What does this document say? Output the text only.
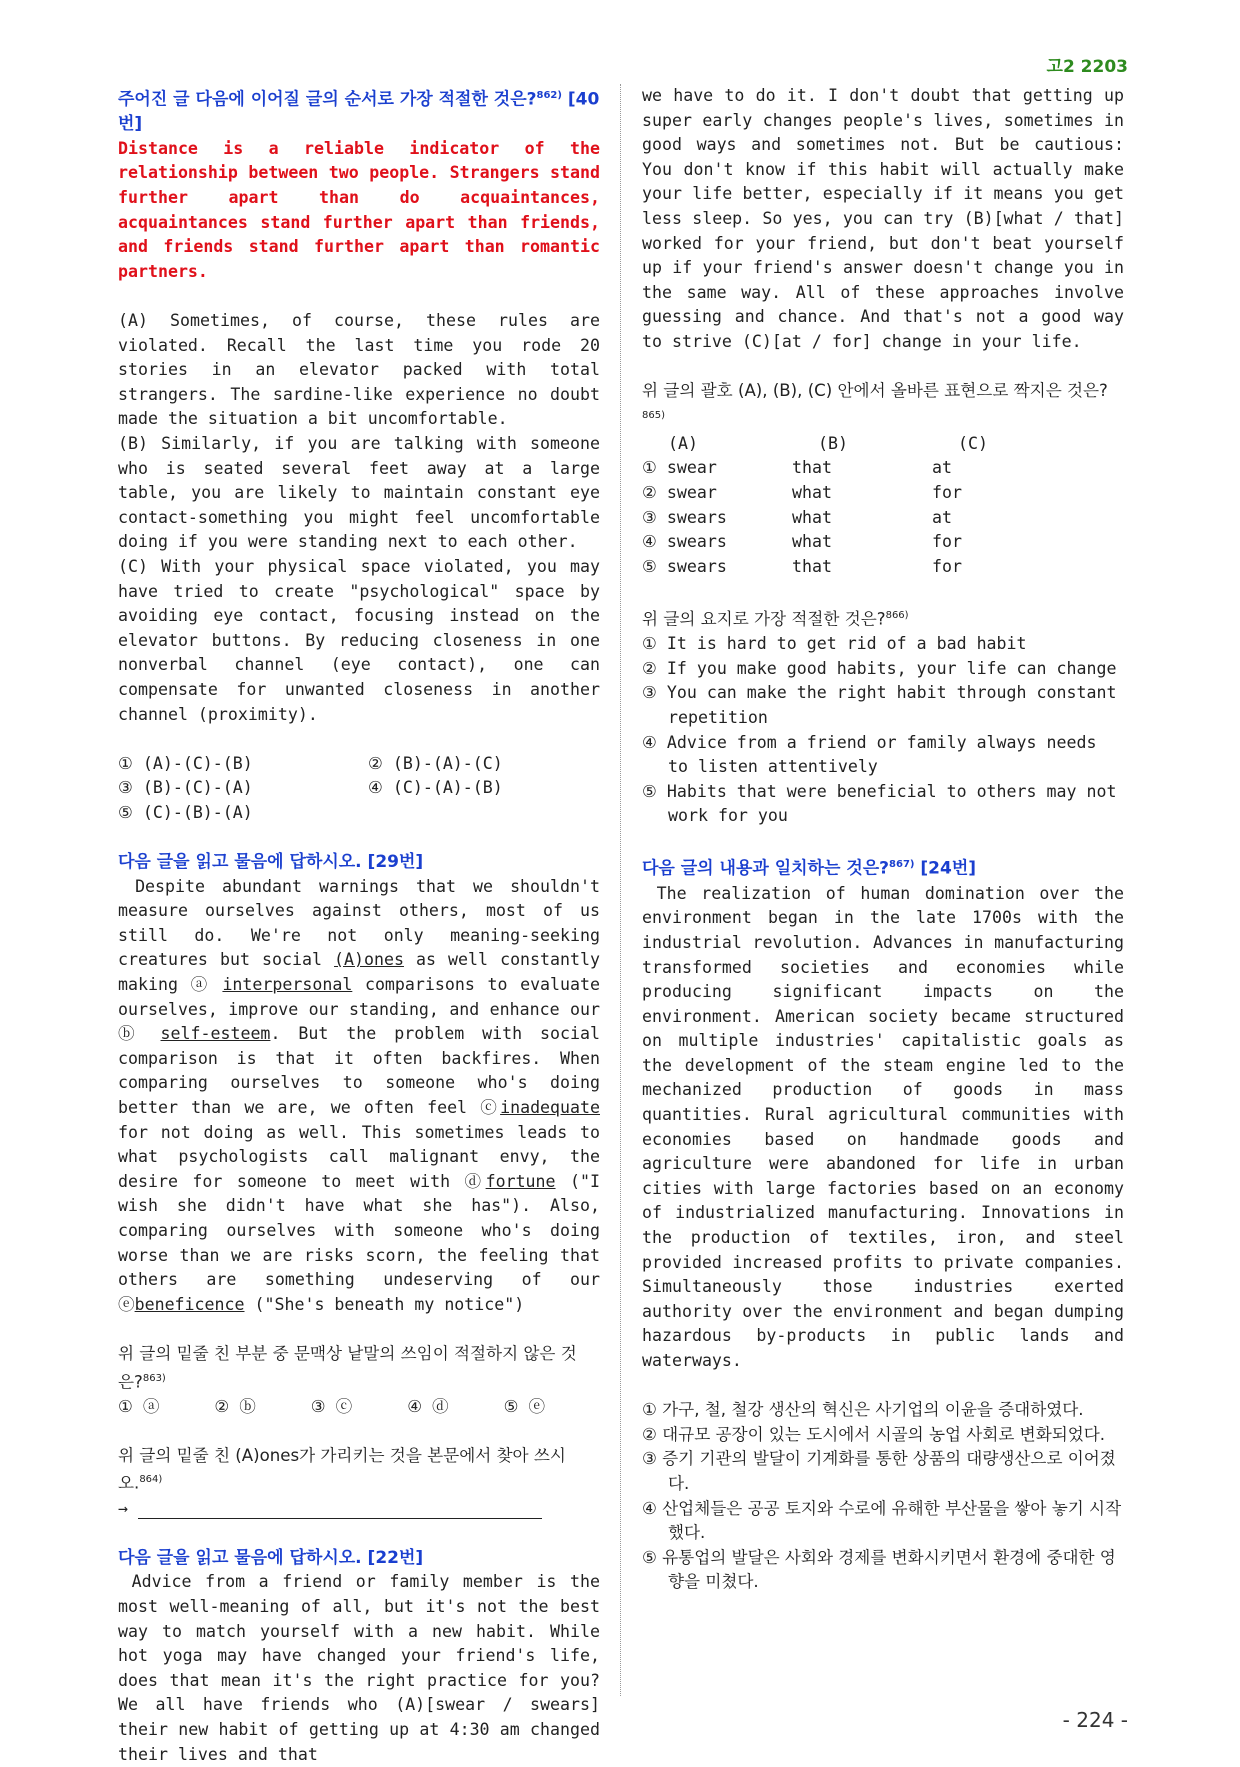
고2 2203

주어진 글 다음에 이어질 글의 순서로 가장 적절한 것은?$^{862)}$ [40번]

Distance is a reliable indicator of the relationship between two people. Strangers stand further apart than do acquaintances, acquaintances stand further apart than friends, and friends stand further apart than romantic partners.

(A) Sometimes, of course, these rules are violated. Recall the last time you rode 20 stories in an elevator packed with total strangers. The sardine-like experience no doubt made the situation a bit uncomfortable.

(B) Similarly, if you are talking with someone who is seated several feet away at a large table, you are likely to maintain constant eye contact-something you might feel uncomfortable doing if you were standing next to each other.

(C) With your physical space violated, you may have tried to create "psychological" space by avoiding eye contact, focusing instead on the elevator buttons. By reducing closeness in one nonverbal channel (eye contact), one can compensate for unwanted closeness in another channel (proximity).

① (A)-(C)-(B)	② (B)-(A)-(C)
③ (B)-(C)-(A)	④ (C)-(A)-(B)
⑤ (C)-(B)-(A)

다음 글을 읽고 물음에 답하시오. [29번]

Despite abundant warnings that we shouldn't measure ourselves against others, most of us still do. We're not only meaning-seeking creatures but social (A)ones as well constantly making ⓐ interpersonal comparisons to evaluate ourselves, improve our standing, and enhance our ⓑ self-esteem. But the problem with social comparison is that it often backfires. When comparing ourselves to someone who's doing better than we are, we often feel ⓒinadequate for not doing as well. This sometimes leads to what psychologists call malignant envy, the desire for someone to meet with ⓓfortune ("I wish she didn't have what she has"). Also, comparing ourselves with someone who's doing worse than we are risks scorn, the feeling that others are something undeserving of our ⓔbeneficence ("She's beneath my notice")

위 글의 밑줄 친 부분 중 문맥상 낱말의 쓰임이 적절하지 않은 것은?$^{863)}$

① ⓐ	② ⓑ	③ ⓒ	④ ⓓ	⑤ ⓔ

위 글의 밑줄 친 (A)ones가 가리키는 것을 본문에서 찾아 쓰시오.$^{864)}$

→

다음 글을 읽고 물음에 답하시오. [22번]

Advice from a friend or family member is the most well-meaning of all, but it's not the best way to match yourself with a new habit. While hot yoga may have changed your friend's life, does that mean it's the right practice for you? We all have friends who (A)[swear / swears] their new habit of getting up at 4:30 am changed their lives and that

we have to do it. I don't doubt that getting up super early changes people's lives, sometimes in good ways and sometimes not. But be cautious: You don't know if this habit will actually make your life better, especially if it means you get less sleep. So yes, you can try (B)[what / that] worked for your friend, but don't beat yourself up if your friend's answer doesn't change you in the same way. All of these approaches involve guessing and chance. And that's not a good way to strive (C)[at / for] change in your life.

위 글의 괄호 (A), (B), (C) 안에서 올바른 표현으로 짝지은 것은?$^{865)}$

(A)	(B)	(C)
① swear	that	at
② swear	what	for
③ swears	what	at
④ swears	what	for
⑤ swears	that	for

위 글의 요지로 가장 적절한 것은?$^{866)}$

① It is hard to get rid of a bad habit

② If you make good habits, your life can change

③ You can make the right habit through constant repetition

④ Advice from a friend or family always needs to listen attentively

⑤ Habits that were beneficial to others may not work for you

다음 글의 내용과 일치하는 것은?$^{867)}$ [24번]

The realization of human domination over the environment began in the late 1700s with the industrial revolution. Advances in manufacturing transformed societies and economies while producing significant impacts on the environment. American society became structured on multiple industries' capitalistic goals as the development of the steam engine led to the mechanized production of goods in mass quantities. Rural agricultural communities with economies based on handmade goods and agriculture were abandoned for life in urban cities with large factories based on an economy of industrialized manufacturing. Innovations in the production of textiles, iron, and steel provided increased profits to private companies. Simultaneously those industries exerted authority over the environment and began dumping hazardous by-products in public lands and waterways.

① 가구, 철, 철강 생산의 혁신은 사기업의 이윤을 증대하였다.

② 대규모 공장이 있는 도시에서 시골의 농업 사회로 변화되었다.

③ 증기 기관의 발달이 기계화를 통한 상품의 대량생산으로 이어졌다.

④ 산업체들은 공공 토지와 수로에 유해한 부산물을 쌓아 놓기 시작했다.

⑤ 유통업의 발달은 사회와 경제를 변화시키면서 환경에 중대한 영향을 미쳤다.

- 224 -
